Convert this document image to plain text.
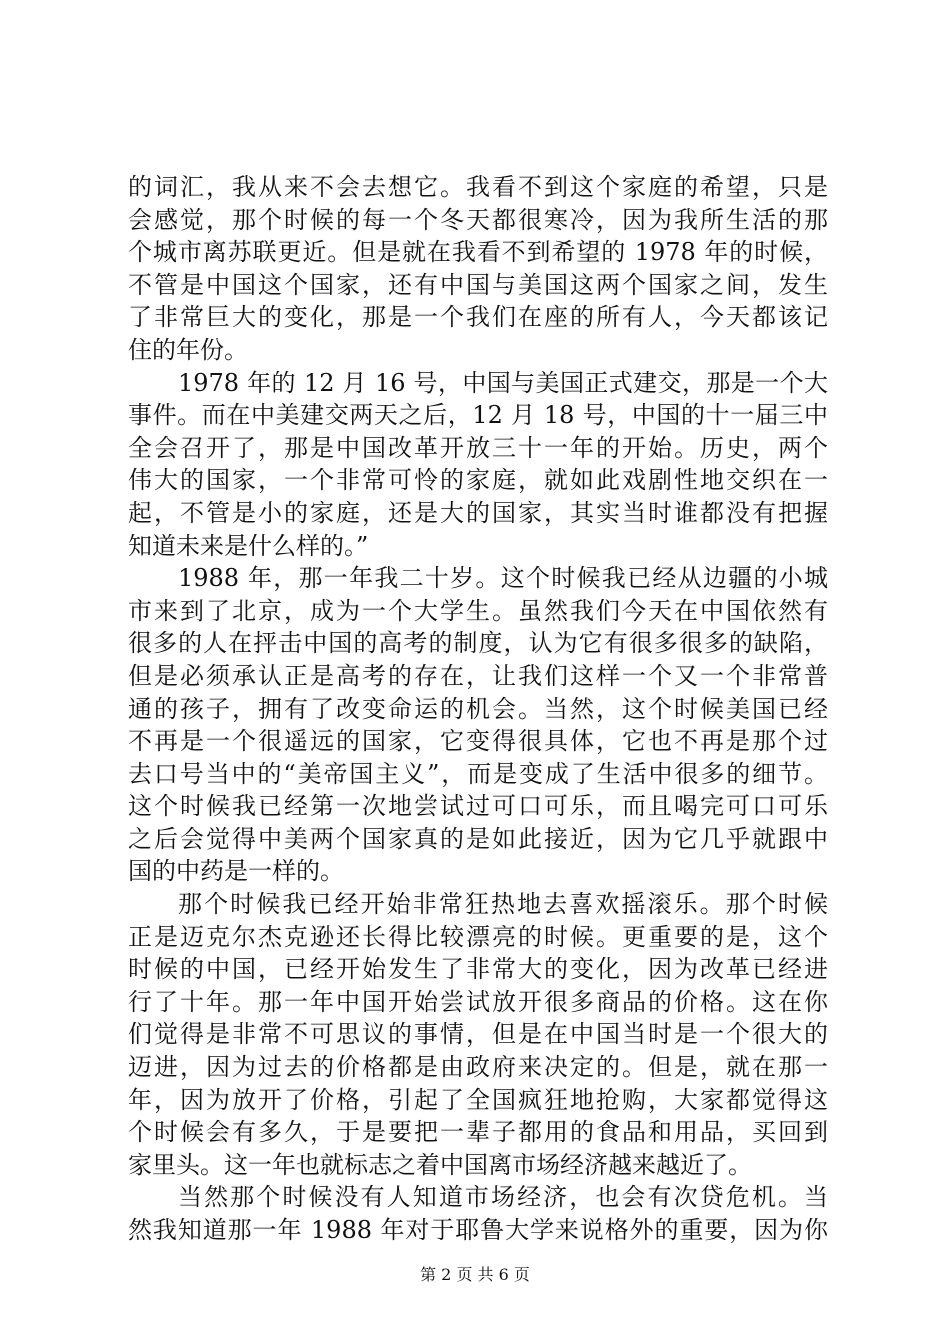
的词汇，我从来不会去想它。我看不到这个家庭的希望，只是
会感觉，那个时候的每一个冬天都很寒冷，因为我所生活的那
个城市离苏联更近。但是就在我看不到希望的 1978 年的时候，
不管是中国这个国家，还有中国与美国这两个国家之间，发生
了非常巨大的变化，那是一个我们在座的所有人，今天都该记
住的年份。
1978 年的 12 月 16 号，中国与美国正式建交，那是一个大
事件。而在中美建交两天之后，12 月 18 号，中国的十一届三中
全会召开了，那是中国改革开放三十一年的开始。历史，两个
伟大的国家，一个非常可怜的家庭，就如此戏剧性地交织在一
起，不管是小的家庭，还是大的国家，其实当时谁都没有把握
知道未来是什么样的。”
1988 年，那一年我二十岁。这个时候我已经从边疆的小城
市来到了北京，成为一个大学生。虽然我们今天在中国依然有
很多的人在抨击中国的高考的制度，认为它有很多很多的缺陷，
但是必须承认正是高考的存在，让我们这样一个又一个非常普
通的孩子，拥有了改变命运的机会。当然，这个时候美国已经
不再是一个很遥远的国家，它变得很具体，它也不再是那个过
去口号当中的“美帝国主义”，而是变成了生活中很多的细节。
这个时候我已经第一次地尝试过可口可乐，而且喝完可口可乐
之后会觉得中美两个国家真的是如此接近，因为它几乎就跟中
国的中药是一样的。
那个时候我已经开始非常狂热地去喜欢摇滚乐。那个时候
正是迈克尔杰克逊还长得比较漂亮的时候。更重要的是，这个
时候的中国，已经开始发生了非常大的变化，因为改革已经进
行了十年。那一年中国开始尝试放开很多商品的价格。这在你
们觉得是非常不可思议的事情，但是在中国当时是一个很大的
迈进，因为过去的价格都是由政府来决定的。但是，就在那一
年，因为放开了价格，引起了全国疯狂地抢购，大家都觉得这
个时候会有多久，于是要把一辈子都用的食品和用品，买回到
家里头。这一年也就标志之着中国离市场经济越来越近了。
当然那个时候没有人知道市场经济，也会有次贷危机。当
然我知道那一年 1988 年对于耶鲁大学来说格外的重要，因为你
第 2 页 共 6 页
